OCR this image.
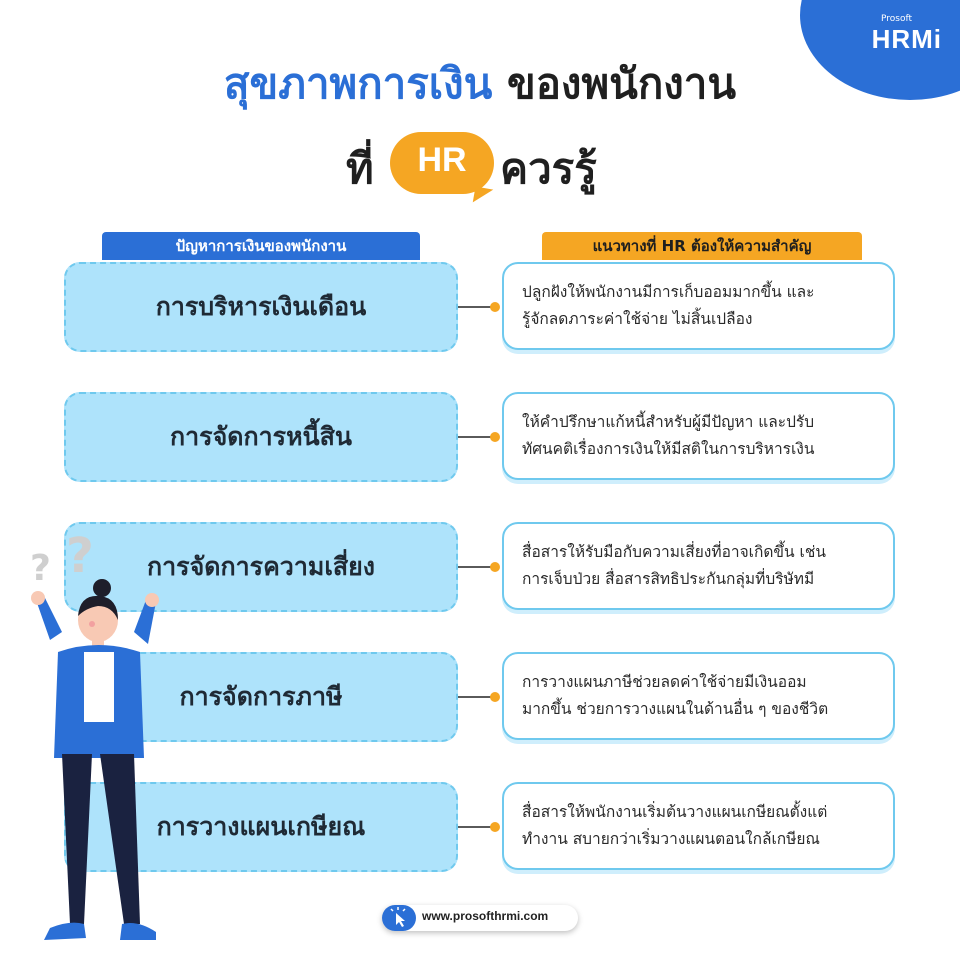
Prosoft
HRMi
สุขภาพการเงิน ของพนักงาน
ที่	HR ควรรู้
ปัญหาการเงินของพนักงาน	แนวทางที่ HR ต้องให้ความสำคัญ
การบริหารเงินเดือน	ปลูกฝังให้พนักงานมีการเก็บออมมากขึ้น และ
รู้จักลดภาระค่าใช้จ่าย ไม่สิ้นเปลือง
การจัดการหนี้สิน	ให้คำปรึกษาแก้หนี้สำหรับผู้มีปัญหา และปรับ
ทัศนคติเรื่องการเงินให้มีสติในการบริหารเงิน
การจัดการความเสี่ยง	สื่อสารให้รับมือกับความเสี่ยงที่อาจเกิดขึ้น เช่น
การเจ็บป่วย สื่อสารสิทธิประกันกลุ่มที่บริษัทมี
การจัดการภาษี	การวางแผนภาษีช่วยลดค่าใช้จ่ายมีเงินออม
มากขึ้น ช่วยการวางแผนในด้านอื่น ๆ ของชีวิต
การวางแผนเกษียณ	สื่อสารให้พนักงานเริ่มต้นวางแผนเกษียณตั้งแต่
ทำงาน สบายกว่าเริ่มวางแผนตอนใกล้เกษียณ
? ?
www.prosofthrmi.com
